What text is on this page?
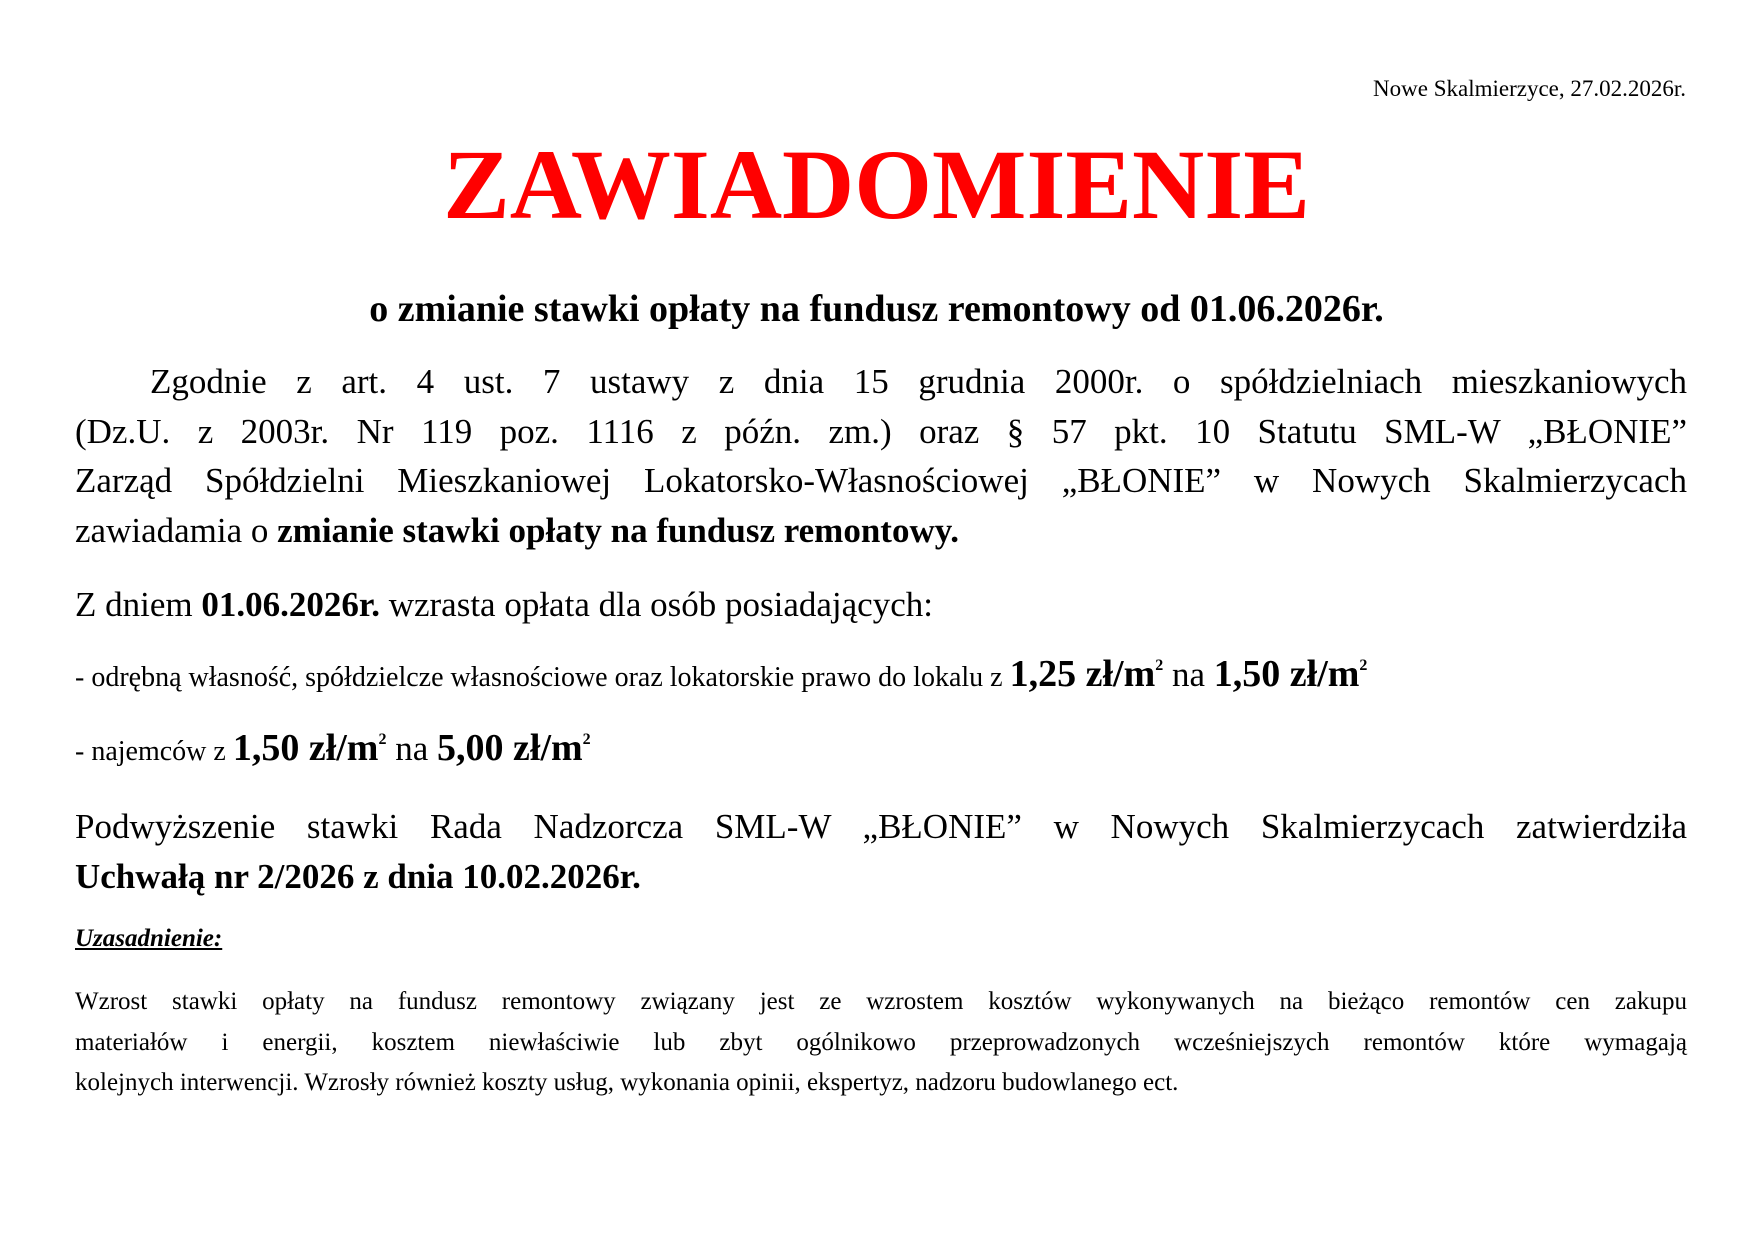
Nowe Skalmierzyce, 27.02.2026r.
ZAWIADOMIENIE
o zmianie stawki opłaty na fundusz remontowy od 01.06.2026r.
Zgodnie z art. 4 ust. 7 ustawy z dnia 15 grudnia 2000r. o spółdzielniach mieszkaniowych
(Dz.U. z 2003r. Nr 119 poz. 1116 z późn. zm.) oraz § 57 pkt. 10 Statutu SML-W „BŁONIE”
Zarząd Spółdzielni Mieszkaniowej Lokatorsko-Własnościowej „BŁONIE” w Nowych Skalmierzycach
zawiadamia o zmianie stawki opłaty na fundusz remontowy.
Z dniem 01.06.2026r. wzrasta opłata dla osób posiadających:
- odrębną własność, spółdzielcze własnościowe oraz lokatorskie prawo do lokalu z 1,25 $zł/m^2$ na 1,50 $zł/m^2$
- najemców z 1,50 $zł/m^2$ na 5,00 $zł/m^2$
Podwyższenie stawki Rada Nadzorcza SML-W „BŁONIE” w Nowych Skalmierzycach zatwierdziła
Uchwałą nr 2/2026 z dnia 10.02.2026r.
Uzasadnienie:
Wzrost stawki opłaty na fundusz remontowy związany jest ze wzrostem kosztów wykonywanych na bieżąco remontów cen zakupu
materiałów i energii, kosztem niewłaściwie lub zbyt ogólnikowo przeprowadzonych wcześniejszych remontów które wymagają
kolejnych interwencji. Wzrosły również koszty usług, wykonania opinii, ekspertyz, nadzoru budowlanego ect.
